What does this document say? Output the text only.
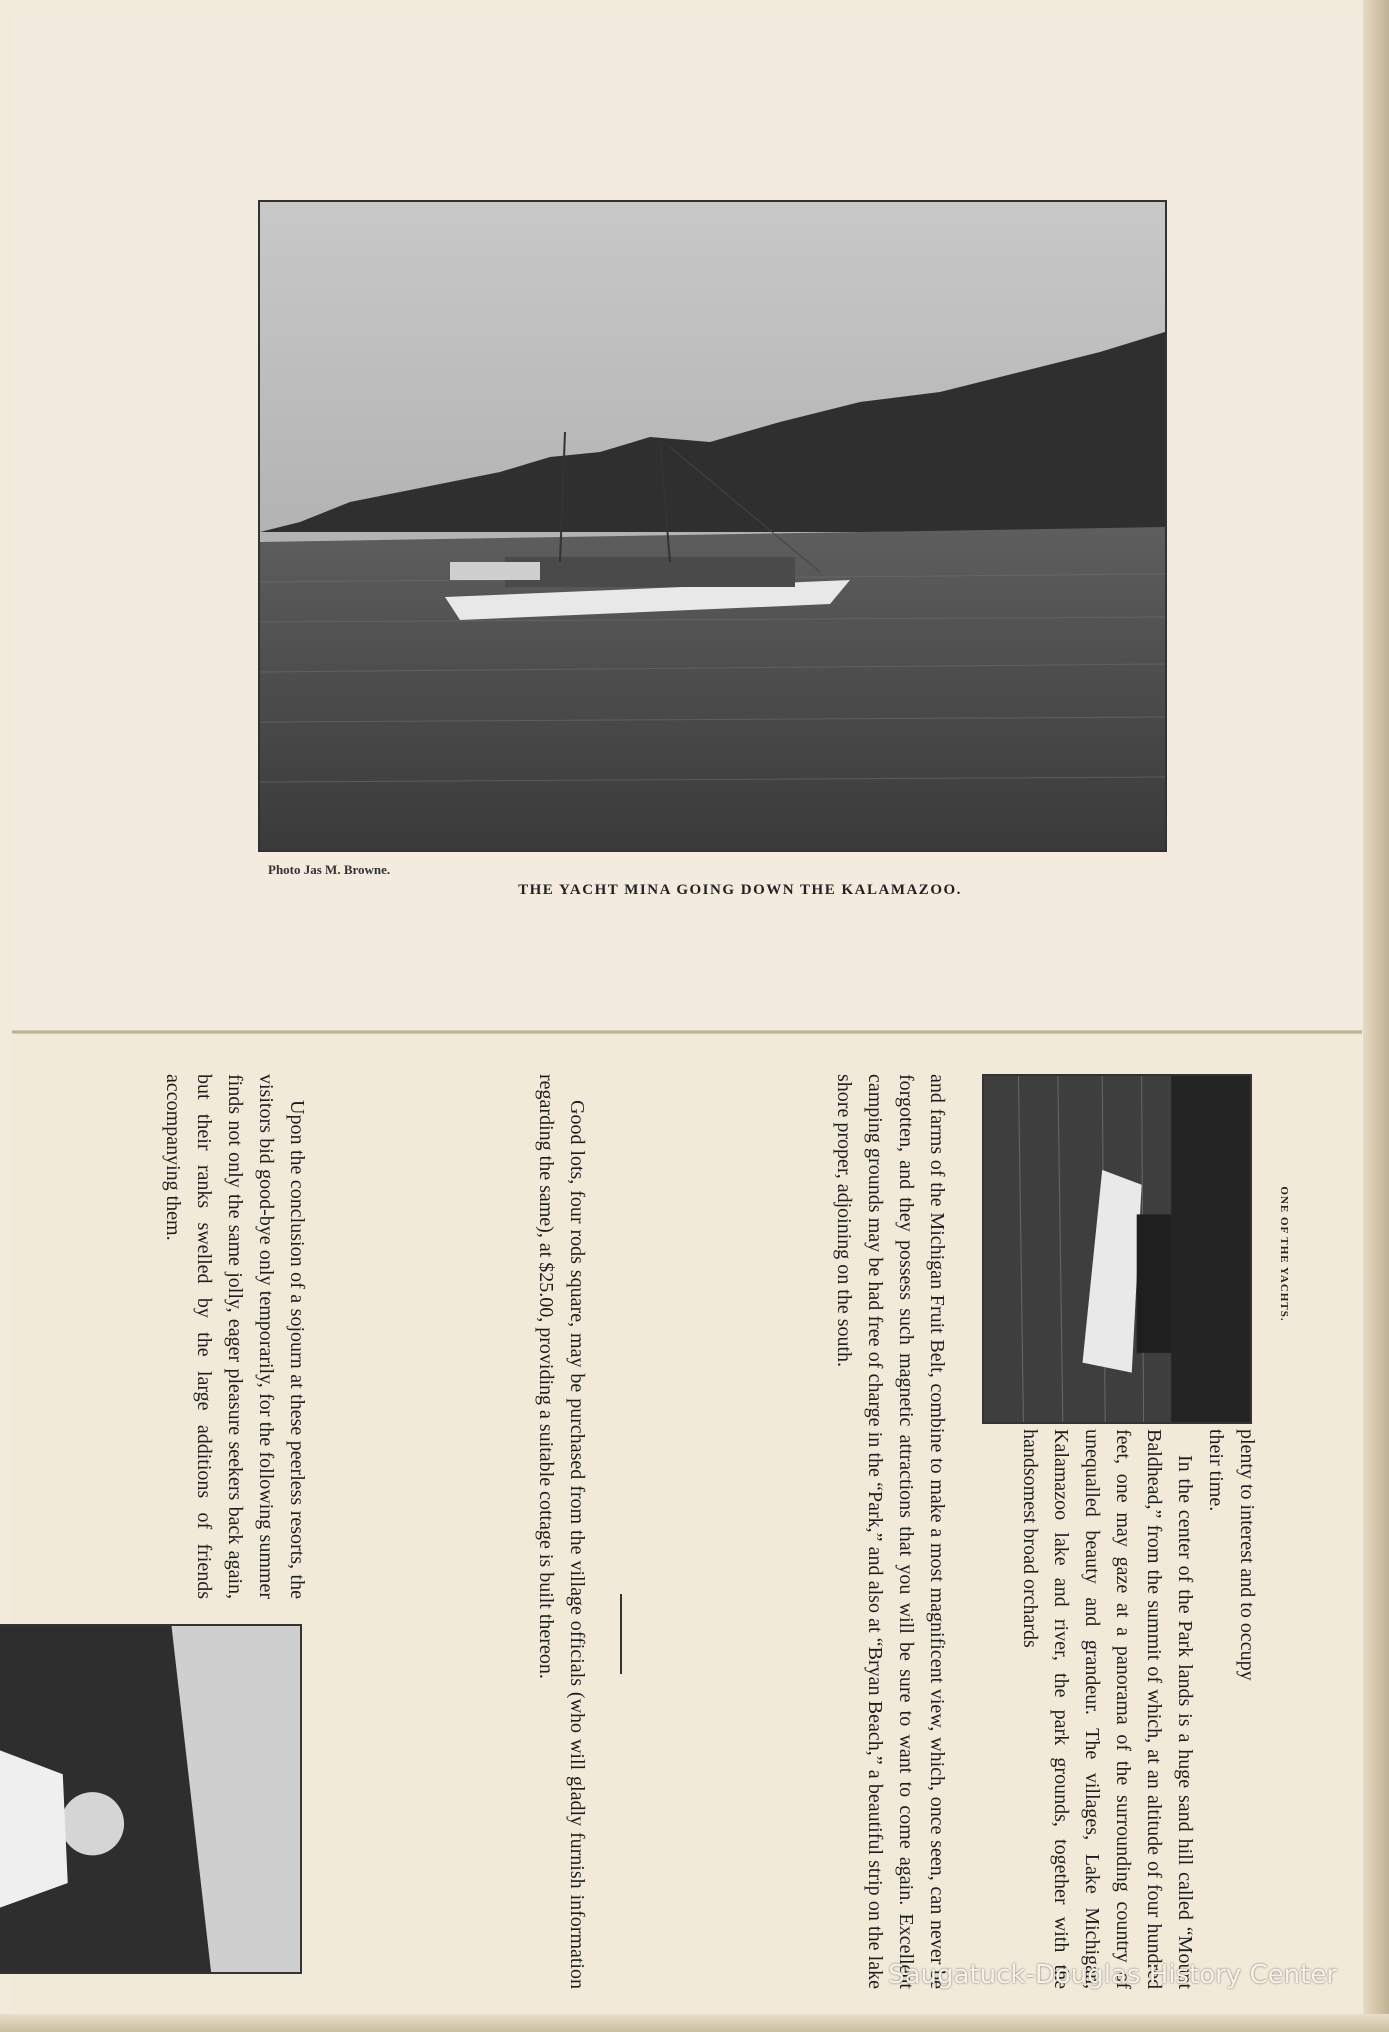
Photo Jas M. Browne.
THE YACHT MINA GOING DOWN THE KALAMAZOO.
ONE OF THE YACHTS.
plenty to interest and to occupy
their time.
In the center of the Park lands is a huge sand hill called “Mount Baldhead,” from the summit of which, at an altitude of four hundred feet, one may gaze at a panorama of the surrounding country of unequalled beauty and grandeur. The villages, Lake Michigan, Kalamazoo lake and river, the park grounds, together with the handsomest broad orchards
and farms of the Michigan Fruit Belt, combine to make a most magnificent view, which, once seen, can never be forgotten, and they possess such magnetic attractions that you will be sure to want to come again. Excellent camping grounds may be had free of charge in the “Park,” and also at “Bryan Beach,” a beautiful strip on the lake shore proper, adjoining on the south.
Good lots, four rods square, may be purchased from the village officials (who will gladly furnish information regarding the same), at $25.00, providing a suitable cottage is built thereon.
Upon the conclusion of a sojourn at these peerless resorts, the visitors bid good-bye only temporarily, for the following summer finds not only the same jolly, eager pleasure seekers back again, but their ranks swelled by the large additions of friends accompanying them.
Saugatuck-Douglas History Center
